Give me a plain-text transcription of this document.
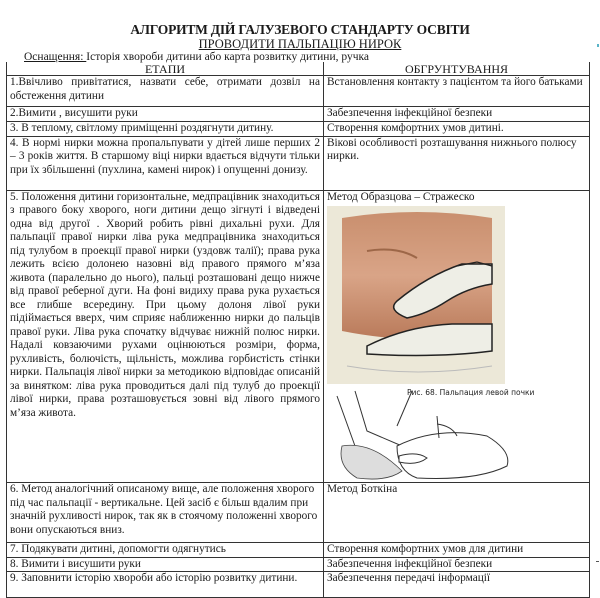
АЛГОРИТМ ДІЙ ГАЛУЗЕВОГО СТАНДАРТУ ОСВІТИ
ПРОВОДИТИ ПАЛЬПАЦІЮ НИРОК
Оснащення: Історія хвороби дитини або карта розвитку дитини, ручка
ЕТАПИ	ОБГРУНТУВАННЯ
1.Ввічливо привітатися, назвати себе, отримати дозвіл на обстеження дитини	Встановлення контакту з пацієнтом та його батьками
2.Вимити , висушити руки	Забезпечення інфекційної безпеки
3. В теплому, світлому приміщенні роздягнути дитину.	Створення комфортних умов дитині.
4. В нормі нирки можна пропальпувати у дітей лише перших 2 – 3 років життя. В старшому віці нирки вдається відчути тільки при їх збільшенні (пухлина, камені нирок) і опущенні донизу.	Вікові особливості розташування нижнього полюсу нирки.
5. Положення дитини горизонтальне, медпрацівник знаходиться з правого боку хворого, ноги дитини дещо зігнуті і відведені одна від другої . Хворий робить рівні дихальні рухи. Для пальпації правої нирки ліва рука медпрацівника знаходиться під тулубом в проекції правої нирки (уздовж талії); права рука лежить всією долонею назовні від правого прямого м’яза живота (паралельно до нього), пальці розташовані дещо нижче від правої реберної дуги. На фоні видиху права рука рухається все глибше всередину. При цьому долоня лівої руки підіймається вверх, чим сприяє наближенню нирки до пальців правої руки. Ліва рука спочатку відчуває нижній полюс нирки. Надалі ковзаючими рухами оцінюються розміри, форма, рухливість, болючість, щільність, можлива горбистість стінки нирки. Пальпація лівої нирки за методикою відповідає описаній за винятком: ліва рука проводиться далі під тулуб до проекції лівої нирки, права розташовується зовні від лівого прямого м’яза живота.	Метод Образцова – Стражеско
Рис. 68. Пальпация левой почки

6. Метод аналогічний описаному вище, але положення хворого під час пальпації - вертикальне. Цей засіб є більш вдалим при значній рухливості нирок, так як в стоячому положенні хворого вони опускаються вниз.	Метод Боткіна
7. Подякувати дитині, допомогти одягнутись	Створення комфортних умов для дитини
8. Вимити і висушити руки	Забезпечення інфекційної безпеки
9. Заповнити історію хвороби або історію розвитку дитини.	Забезпечення передачі інформації
